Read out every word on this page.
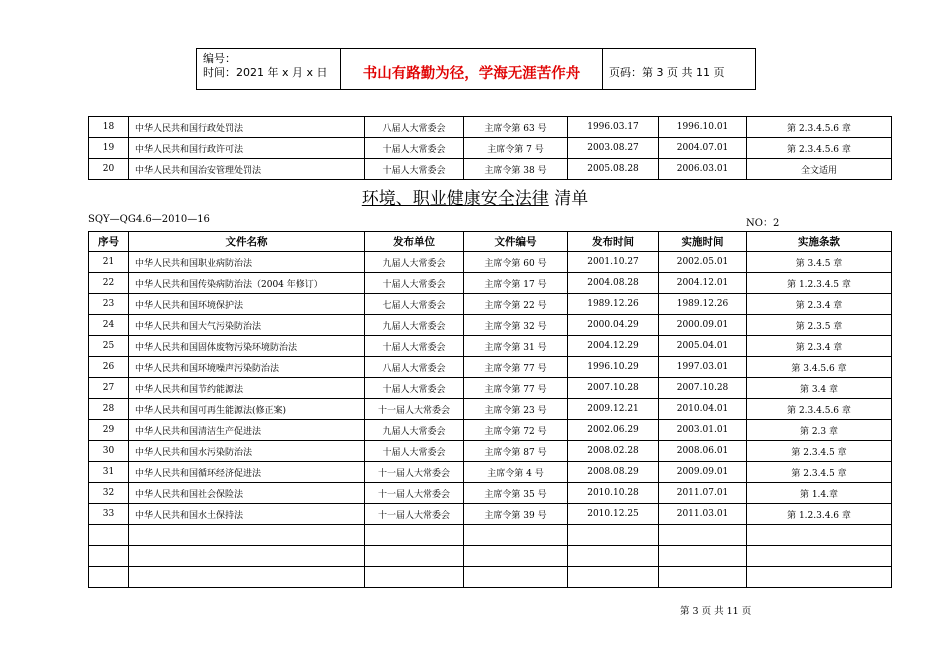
编号：
时间：2021 年 x 月 x 日	书山有路勤为径，学海无涯苦作舟	页码：第 3 页 共 11 页
18	中华人民共和国行政处罚法	八届人大常委会	主席令第 63 号	1996.03.17	1996.10.01	第 2.3.4.5.6 章
19	中华人民共和国行政许可法	十届人大常委会	主席令第 7 号	2003.08.27	2004.07.01	第 2.3.4.5.6 章
20	中华人民共和国治安管理处罚法	十届人大常委会	主席令第 38 号	2005.08.28	2006.03.01	全文适用
环境、职业健康安全法律 清单
SQY—QG4.6—2010—16	NO：2
序号	文件名称	发布单位	文件编号	发布时间	实施时间	实施条款
21	中华人民共和国职业病防治法	九届人大常委会	主席令第 60 号	2001.10.27	2002.05.01	第 3.4.5 章
22	中华人民共和国传染病防治法（2004 年修订）	十届人大常委会	主席令第 17 号	2004.08.28	2004.12.01	第 1.2.3.4.5 章
23	中华人民共和国环境保护法	七届人大常委会	主席令第 22 号	1989.12.26	1989.12.26	第 2.3.4 章
24	中华人民共和国大气污染防治法	九届人大常委会	主席令第 32 号	2000.04.29	2000.09.01	第 2.3.5 章
25	中华人民共和国固体废物污染环境防治法	十届人大常委会	主席令第 31 号	2004.12.29	2005.04.01	第 2.3.4 章
26	中华人民共和国环境噪声污染防治法	八届人大常委会	主席令第 77 号	1996.10.29	1997.03.01	第 3.4.5.6 章
27	中华人民共和国节约能源法	十届人大常委会	主席令第 77 号	2007.10.28	2007.10.28	第 3.4 章
28	中华人民共和国可再生能源法(修正案)	十一届人大常委会	主席令第 23 号	2009.12.21	2010.04.01	第 2.3.4.5.6 章
29	中华人民共和国清洁生产促进法	九届人大常委会	主席令第 72 号	2002.06.29	2003.01.01	第 2.3 章
30	中华人民共和国水污染防治法	十届人大常委会	主席令第 87 号	2008.02.28	2008.06.01	第 2.3.4.5 章
31	中华人民共和国循环经济促进法	十一届人大常委会	主席令第 4 号	2008.08.29	2009.09.01	第 2.3.4.5 章
32	中华人民共和国社会保险法	十一届人大常委会	主席令第 35 号	2010.10.28	2011.07.01	第 1.4.章
33	中华人民共和国水土保持法	十一届人大常委会	主席令第 39 号	2010.12.25	2011.03.01	第 1.2.3.4.6 章

第 3 页 共 11 页
